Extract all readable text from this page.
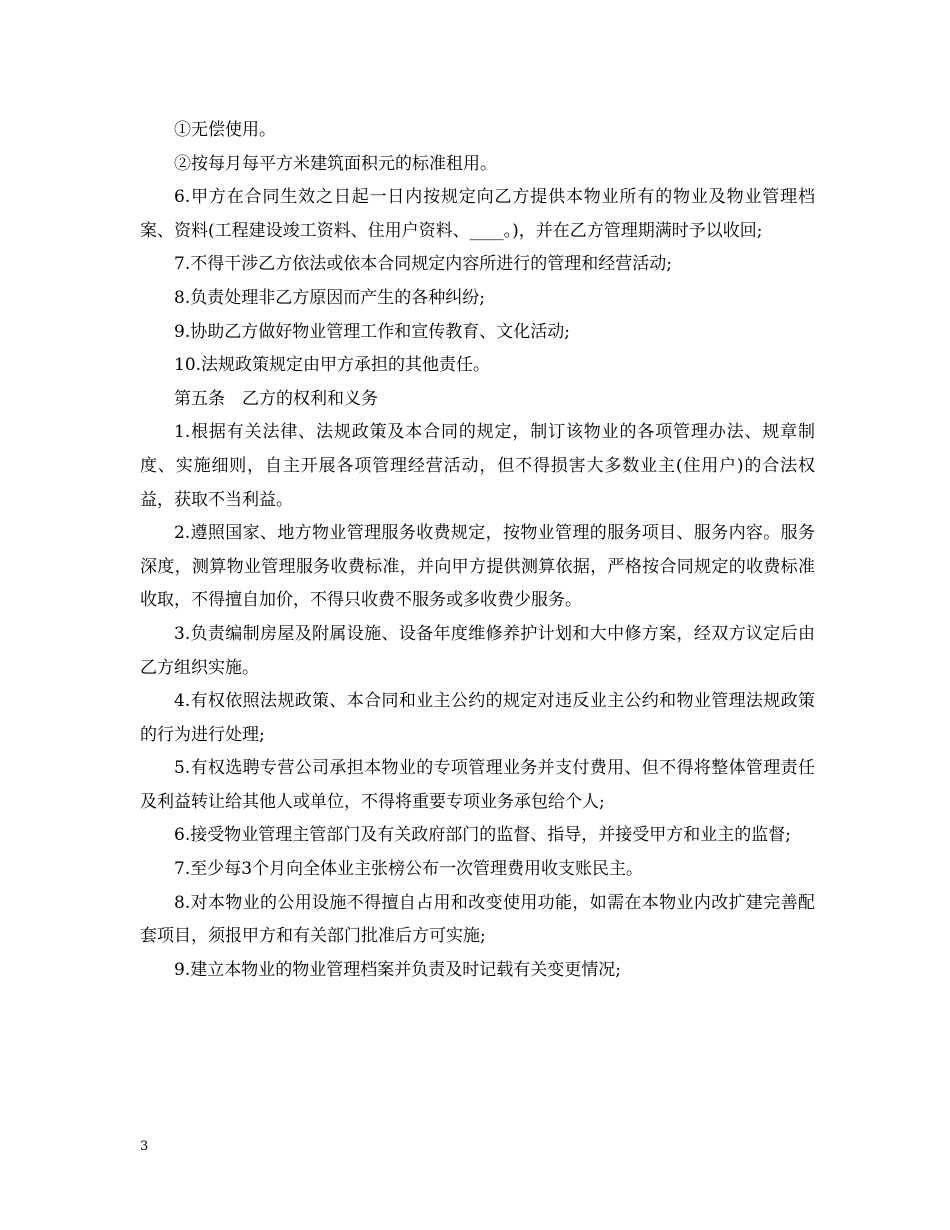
①无偿使用。

②按每月每平方米建筑面积元的标准租用。

6.甲方在合同生效之日起一日内按规定向乙方提供本物业所有的物业及物业管理档案、资料(工程建设竣工资料、住用户资料、____。)，并在乙方管理期满时予以收回;

7.不得干涉乙方依法或依本合同规定内容所进行的管理和经营活动;

8.负责处理非乙方原因而产生的各种纠纷;

9.协助乙方做好物业管理工作和宣传教育、文化活动;

10.法规政策规定由甲方承担的其他责任。

第五条　乙方的权利和义务

1.根据有关法律、法规政策及本合同的规定，制订该物业的各项管理办法、规章制度、实施细则，自主开展各项管理经营活动，但不得损害大多数业主(住用户)的合法权益，获取不当利益。

2.遵照国家、地方物业管理服务收费规定，按物业管理的服务项目、服务内容。服务深度，测算物业管理服务收费标准，并向甲方提供测算依据，严格按合同规定的收费标准收取，不得擅自加价，不得只收费不服务或多收费少服务。

3.负责编制房屋及附属设施、设备年度维修养护计划和大中修方案，经双方议定后由乙方组织实施。

4.有权依照法规政策、本合同和业主公约的规定对违反业主公约和物业管理法规政策的行为进行处理;

5.有权选聘专营公司承担本物业的专项管理业务并支付费用、但不得将整体管理责任及利益转让给其他人或单位，不得将重要专项业务承包给个人;

6.接受物业管理主管部门及有关政府部门的监督、指导，并接受甲方和业主的监督;

7.至少每3个月向全体业主张榜公布一次管理费用收支账民主。

8.对本物业的公用设施不得擅自占用和改变使用功能，如需在本物业内改扩建完善配套项目，须报甲方和有关部门批准后方可实施;

9.建立本物业的物业管理档案并负责及时记载有关变更情况;

3
